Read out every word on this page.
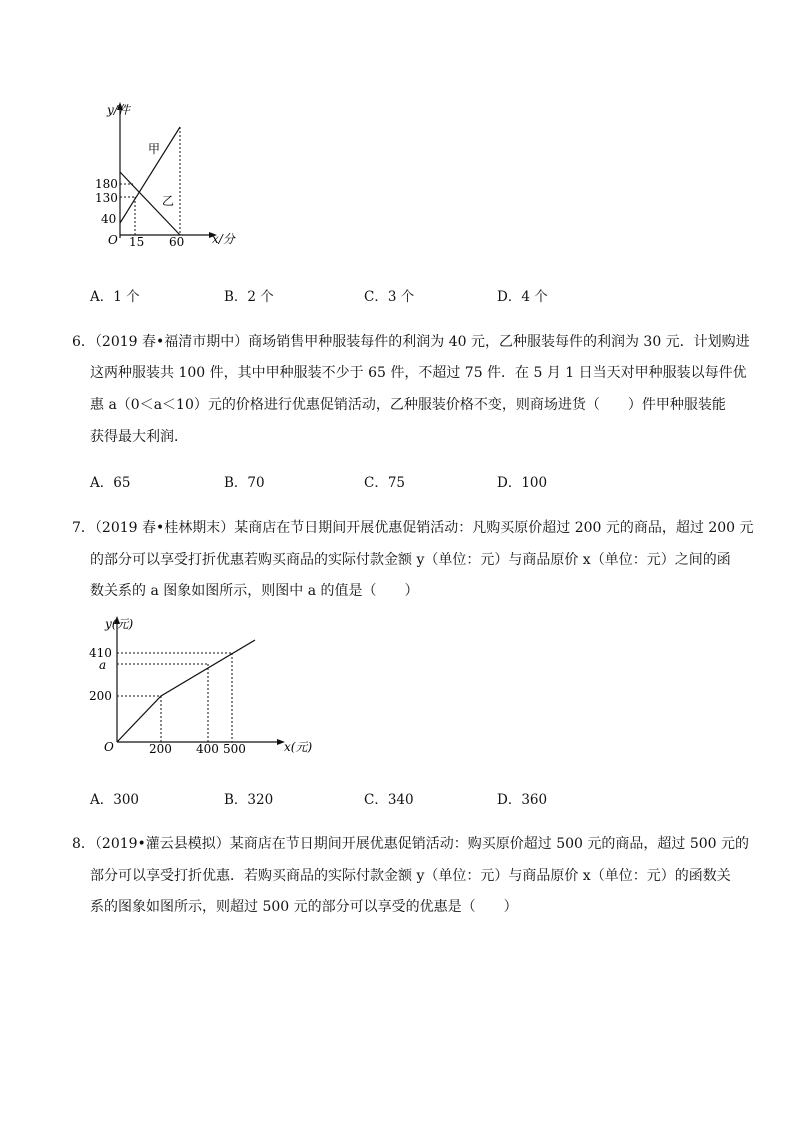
y/件
x/分
O
甲
乙
180
130
40
15 60
A．1 个	B．2 个	C．3 个	D．4 个
6．（2019 春•福清市期中）商场销售甲种服装每件的利润为 40 元，乙种服装每件的利润为 30 元．计划购进
这两种服装共 100 件，其中甲种服装不少于 65 件，不超过 75 件．在 5 月 1 日当天对甲种服装以每件优
惠 a（0＜a＜10）元的价格进行优惠促销活动，乙种服装价格不变，则商场进货（　　）件甲种服装能
获得最大利润．
A．65	B．70	C．75	D．100
7．（2019 春•桂林期末）某商店在节日期间开展优惠促销活动：凡购买原价超过 200 元的商品，超过 200 元
的部分可以享受打折优惠若购买商品的实际付款金额 y（单位：元）与商品原价 x（单位：元）之间的函
数关系的 a 图象如图所示，则图中 a 的值是（　　）
y(元)
x(元)
O
410
a
200
200 400 500
A．300	B．320	C．340	D．360
8．（2019•灌云县模拟）某商店在节日期间开展优惠促销活动：购买原价超过 500 元的商品，超过 500 元的
部分可以享受打折优惠．若购买商品的实际付款金额 y（单位：元）与商品原价 x（单位：元）的函数关
系的图象如图所示，则超过 500 元的部分可以享受的优惠是（　　）
